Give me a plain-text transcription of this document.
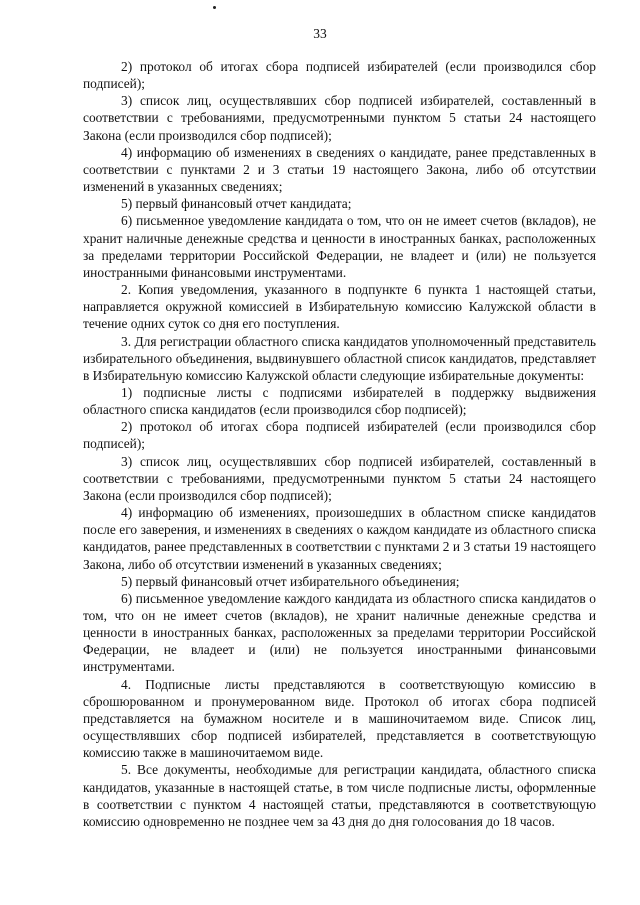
33

2) протокол об итогах сбора подписей избирателей (если производился сбор подписей);

3) список лиц, осуществлявших сбор подписей избирателей, составленный в соответствии с требованиями, предусмотренными пунктом 5 статьи 24 настоящего Закона (если производился сбор подписей);

4) информацию об изменениях в сведениях о кандидате, ранее представленных в соответствии с пунктами 2 и 3 статьи 19 настоящего Закона, либо об отсутствии изменений в указанных сведениях;

5) первый финансовый отчет кандидата;

6) письменное уведомление кандидата о том, что он не имеет счетов (вкладов), не хранит наличные денежные средства и ценности в иностранных банках, расположенных за пределами территории Российской Федерации, не владеет и (или) не пользуется иностранными финансовыми инструментами.

2. Копия уведомления, указанного в подпункте 6 пункта 1 настоящей статьи, направляется окружной комиссией в Избирательную комиссию Калужской области в течение одних суток со дня его поступления.

3. Для регистрации областного списка кандидатов уполномоченный представитель избирательного объединения, выдвинувшего областной список кандидатов, представляет в Избирательную комиссию Калужской области следующие избирательные документы:

1) подписные листы с подписями избирателей в поддержку выдвижения областного списка кандидатов (если производился сбор подписей);

2) протокол об итогах сбора подписей избирателей (если производился сбор подписей);

3) список лиц, осуществлявших сбор подписей избирателей, составленный в соответствии с требованиями, предусмотренными пунктом 5 статьи 24 настоящего Закона (если производился сбор подписей);

4) информацию об изменениях, произошедших в областном списке кандидатов после его заверения, и изменениях в сведениях о каждом кандидате из областного списка кандидатов, ранее представленных в соответствии с пунктами 2 и 3 статьи 19 настоящего Закона, либо об отсутствии изменений в указанных сведениях;

5) первый финансовый отчет избирательного объединения;

6) письменное уведомление каждого кандидата из областного списка кандидатов о том, что он не имеет счетов (вкладов), не хранит наличные денежные средства и ценности в иностранных банках, расположенных за пределами территории Российской Федерации, не владеет и (или) не пользуется иностранными финансовыми инструментами.

4. Подписные листы представляются в соответствующую комиссию в сброшюрованном и пронумерованном виде. Протокол об итогах сбора подписей представляется на бумажном носителе и в машиночитаемом виде. Список лиц, осуществлявших сбор подписей избирателей, представляется в соответствующую комиссию также в машиночитаемом виде.

5. Все документы, необходимые для регистрации кандидата, областного списка кандидатов, указанные в настоящей статье, в том числе подписные листы, оформленные в соответствии с пунктом 4 настоящей статьи, представляются в соответствующую комиссию одновременно не позднее чем за 43 дня до дня голосования до 18 часов.
